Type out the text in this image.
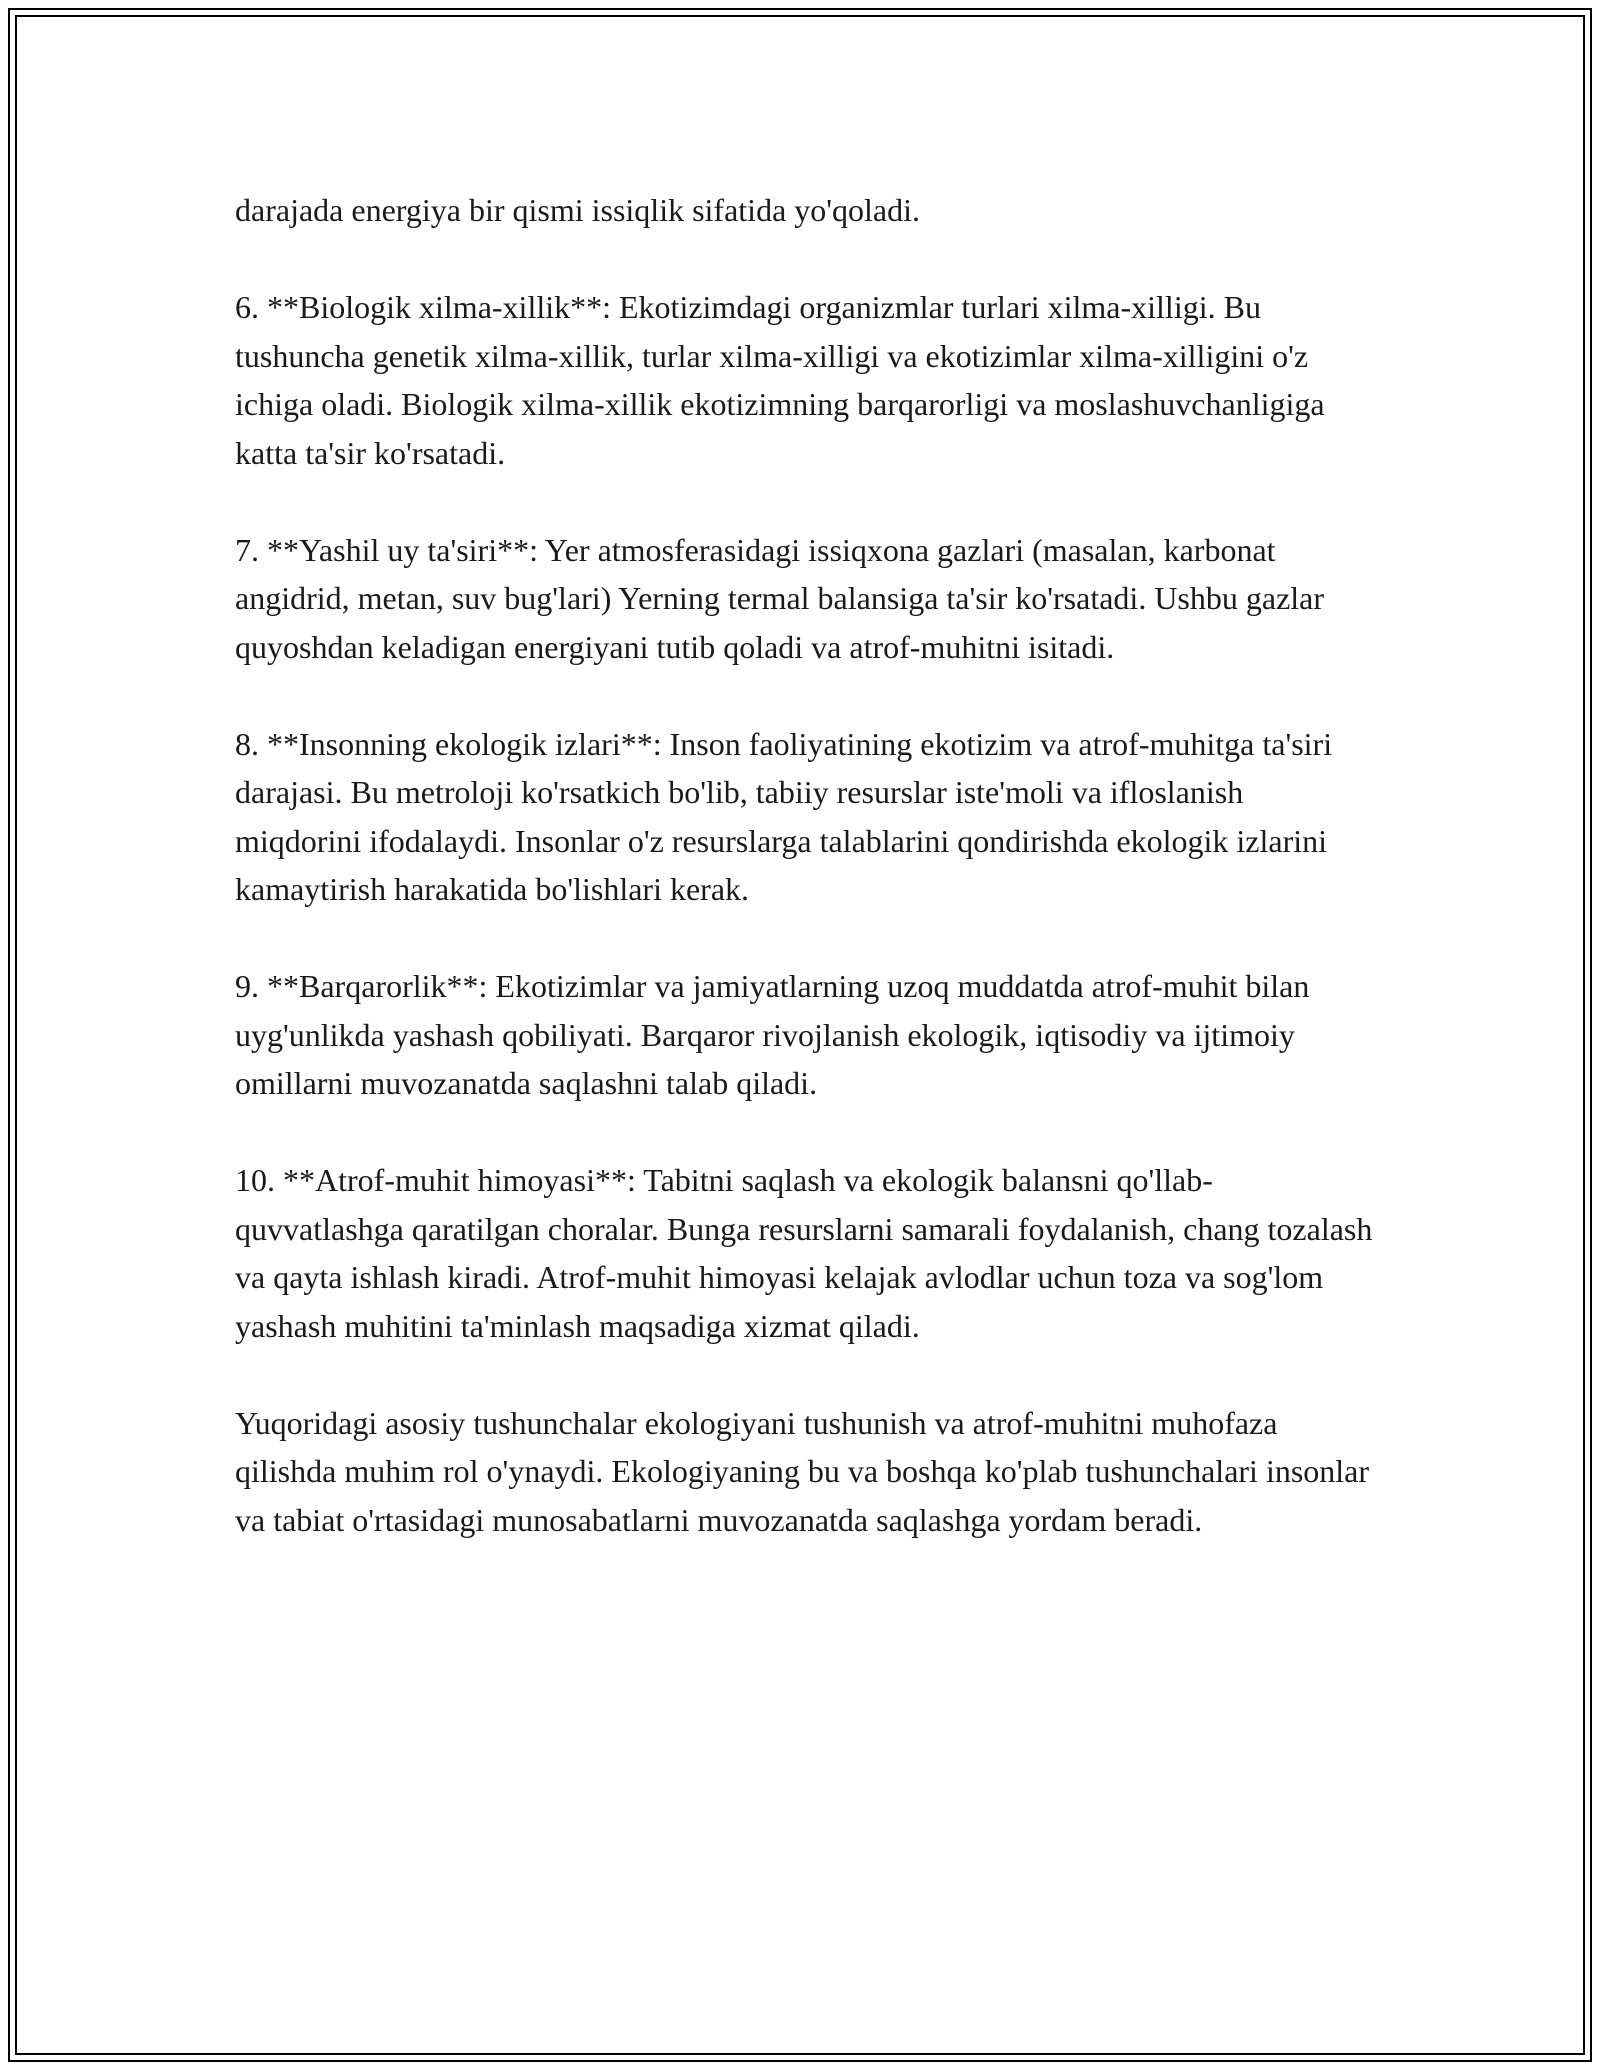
darajada energiya bir qismi issiqlik sifatida yo'qoladi.

6. **Biologik xilma-xillik**: Ekotizimdagi organizmlar turlari xilma-xilligi. Bu tushuncha genetik xilma-xillik, turlar xilma-xilligi va ekotizimlar xilma-xilligini o'z ichiga oladi. Biologik xilma-xillik ekotizimning barqarorligi va moslashuvchanligiga katta ta'sir ko'rsatadi.

7. **Yashil uy ta'siri**: Yer atmosferasidagi issiqxona gazlari (masalan, karbonat angidrid, metan, suv bug'lari) Yerning termal balansiga ta'sir ko'rsatadi. Ushbu gazlar quyoshdan keladigan energiyani tutib qoladi va atrof-muhitni isitadi.

8. **Insonning ekologik izlari**: Inson faoliyatining ekotizim va atrof-muhitga ta'siri darajasi. Bu metroloji ko'rsatkich bo'lib, tabiiy resurslar iste'moli va ifloslanish miqdorini ifodalaydi. Insonlar o'z resurslarga talablarini qondirishda ekologik izlarini kamaytirish harakatida bo'lishlari kerak.

9. **Barqarorlik**: Ekotizimlar va jamiyatlarning uzoq muddatda atrof-muhit bilan uyg'unlikda yashash qobiliyati. Barqaror rivojlanish ekologik, iqtisodiy va ijtimoiy omillarni muvozanatda saqlashni talab qiladi.

10. **Atrof-muhit himoyasi**: Tabitni saqlash va ekologik balansni qo'llab-quvvatlashga qaratilgan choralar. Bunga resurslarni samarali foydalanish, chang tozalash va qayta ishlash kiradi. Atrof-muhit himoyasi kelajak avlodlar uchun toza va sog'lom yashash muhitini ta'minlash maqsadiga xizmat qiladi.

Yuqoridagi asosiy tushunchalar ekologiyani tushunish va atrof-muhitni muhofaza qilishda muhim rol o'ynaydi. Ekologiyaning bu va boshqa ko'plab tushunchalari insonlar va tabiat o'rtasidagi munosabatlarni muvozanatda saqlashga yordam beradi.
